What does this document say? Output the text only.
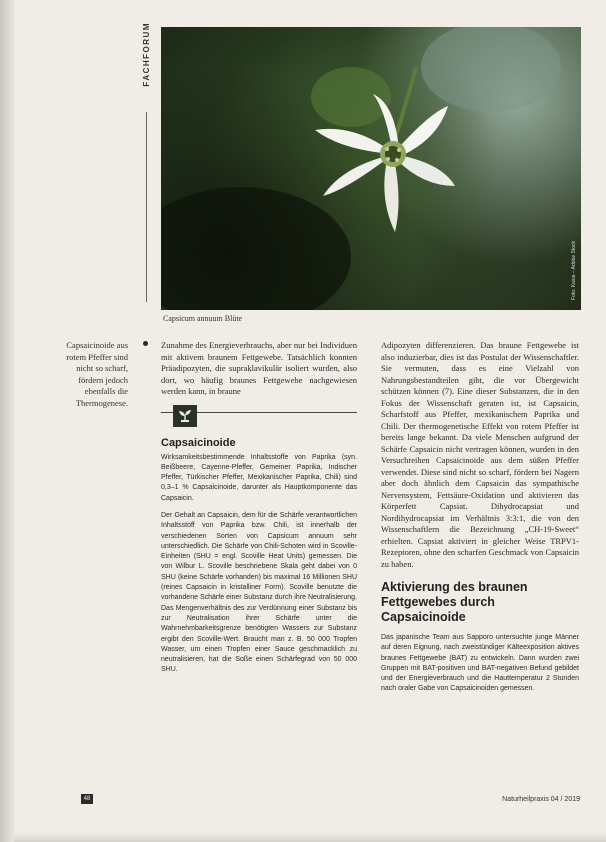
FACHFORUM
Foto: Kasia – Adobe Stock
Capsicum annuum Blüte
Capsaicinoide aus rotem Pfeffer sind nicht so scharf, fördern jedoch ebenfalls die Thermogenese.

Zunahme des Energieverbrauchs, aber nur bei Individuen mit aktivem braunem Fettgewebe. Tatsächlich konnten Präadipozyten, die supraklavikulär isoliert wurden, also dort, wo häufig braunes Fettgewebe nachgewiesen werden kann, in braune

Capsaicinoide

Wirksamkeitsbestimmende Inhaltsstoffe von Paprika (syn. Beißbeere, Cayenne-Pfeffer, Gemeiner Paprika, Indischer Pfeffer, Türkischer Pfeffer, Mexikanischer Paprika, Chili) sind 0,3–1 % Capsaicinoide, darunter als Hauptkomponente das Capsaicin.

Der Gehalt an Capsaicin, dem für die Schärfe verantwortlichen Inhaltsstoff von Paprika bzw. Chili, ist innerhalb der verschiedenen Sorten von Capsicum annuum sehr unterschiedlich. Die Schärfe von Chili-Schoten wird in Scoville-Einheiten (SHU = engl. Scoville Heat Units) gemessen. Die von Wilbur L. Scoville beschriebene Skala geht dabei von 0 SHU (keine Schärfe vorhanden) bis maximal 16 Millionen SHU (reines Capsaicin in kristalliner Form). Scoville benutzte die vorhandene Schärfe einer Substanz durch ihre Neutralisierung. Das Mengenverhältnis des zur Verdünnung einer Substanz bis zur Neutralisation ihrer Schärfe unter die Wahrnehmbarkeitsgrenze benötigten Wassers zur Substanz ergibt den Scoville-Wert. Braucht man z. B. 50 000 Tropfen Wasser, um einen Tropfen einer Sauce geschmacklich zu neutralisieren, hat die Soße einen Schärfegrad von 50 000 SHU.

Adipozyten differenzieren. Das braune Fettgewebe ist also induzierbar, dies ist das Postulat der Wissenschaftler. Sie vermuten, dass es eine Vielzahl von Nahrungsbestandteilen gibt, die vor Übergewicht schützen können (7). Eine dieser Substanzen, die in den Fokus der Wissenschaft geraten ist, ist Capsaicin, Scharfstoff aus Pfeffer, mexikanischem Paprika und Chili. Der thermogenetische Effekt von rotem Pfeffer ist bereits lange bekannt. Da viele Menschen aufgrund der Schärfe Capsaicin nicht vertragen können, wurden in den Versuchreihen Capsaicinoide aus dem süßen Pfeffer verwendet. Diese sind nicht so scharf, fördern bei Nagern aber doch ähnlich dem Capsaicin das sympathische Nervensystem, Fettsäure-Oxidation und aktivieren das Körperfett Capsiat. Dihydrocapsiat und Nordihydrocapsiat im Verhältnis 3:3:1, die von den Wissenschaftlern die Bezeichnung „CH-19-Sweet“ erhielten. Capsiat aktiviert in gleicher Weise TRPV1-Rezeptoren, ohne den scharfen Geschmack von Capsaicin zu haben.

Aktivierung des braunen Fettgewebes durch Capsaicinoide

Das japanische Team aus Sapporo untersuchte junge Männer auf deren Eignung, nach zweistündiger Kälteexposition aktives braunes Fettgewebe (BAT) zu entwickeln. Dann wurden zwei Gruppen mit BAT-positiven und BAT-negativen Befund gebildet und der Energieverbrauch und die Hauttemperatur 2 Stunden nach oraler Gabe von Capsaicinoiden gemessen.

48	Naturheilpraxis 04 / 2019
